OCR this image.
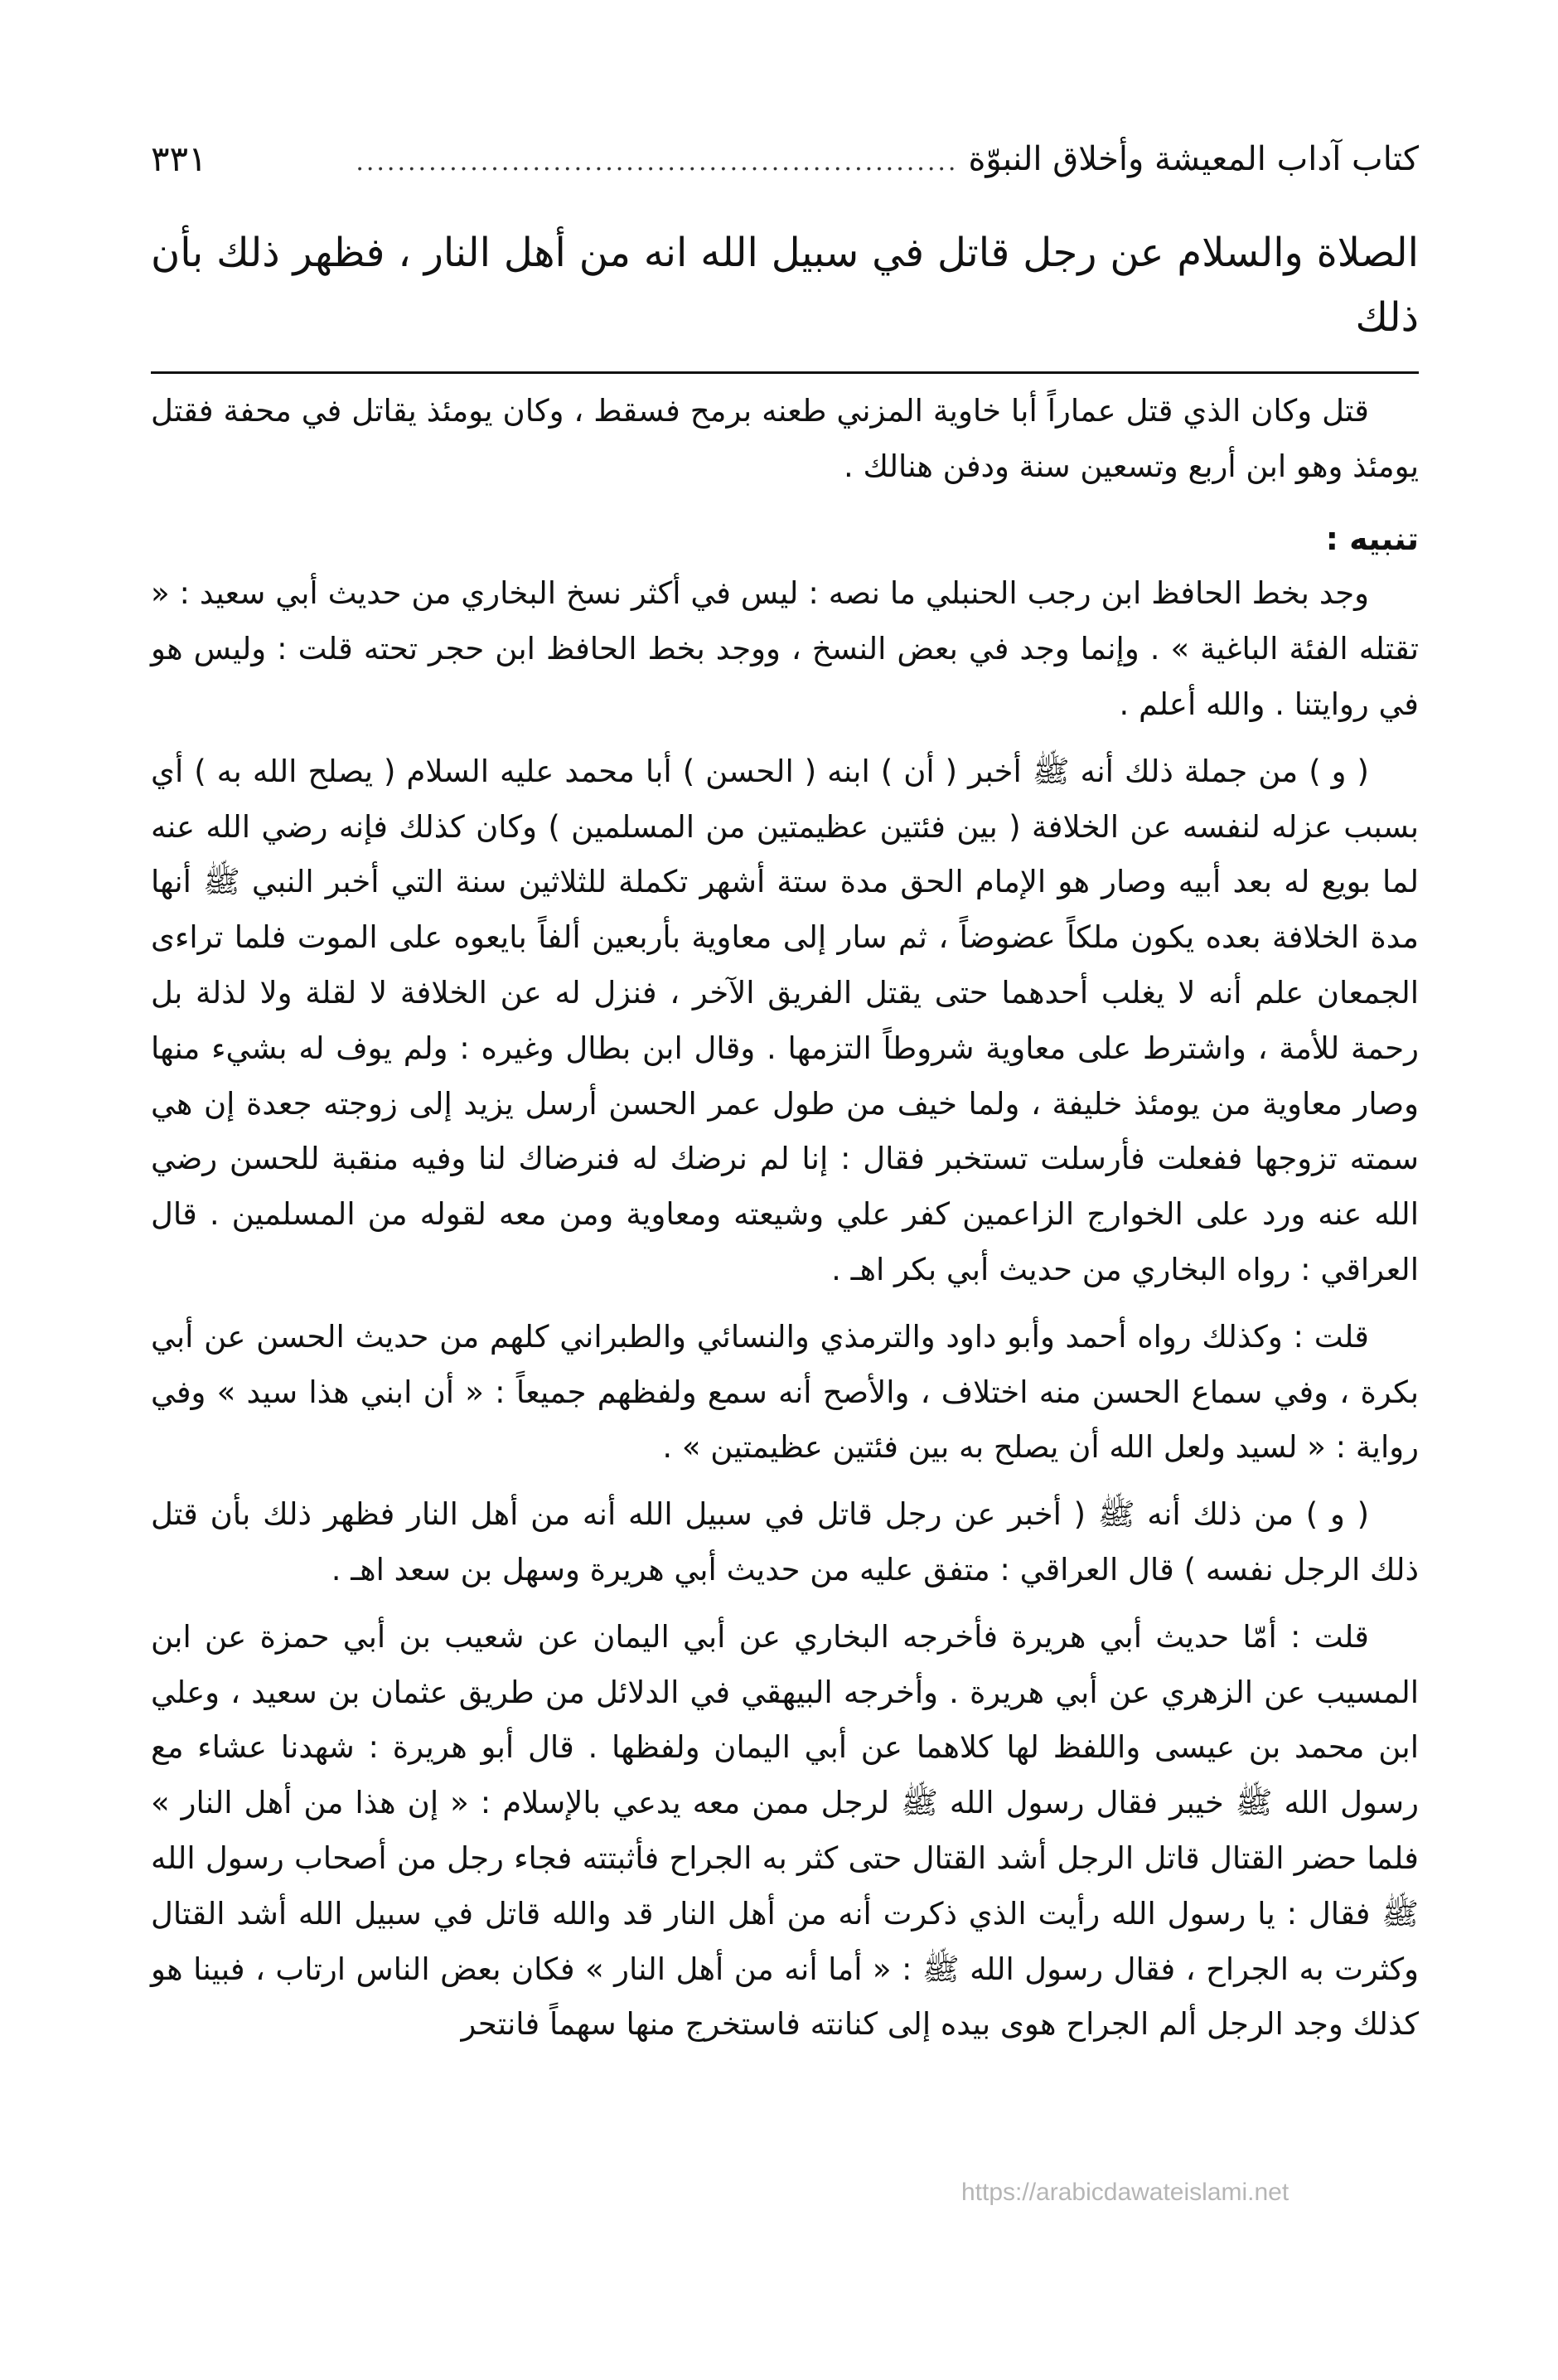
كتاب آداب المعيشة وأخلاق النبوّة
..........................................................
٣٣١
الصلاة والسلام عن رجل قاتل في سبيل الله انه من أهل النار ، فظهر ذلك بأن ذلك

قتل وكان الذي قتل عماراً أبا خاوية المزني طعنه برمح فسقط ، وكان يومئذ يقاتل في محفة فقتل يومئذ وهو ابن أربع وتسعين سنة ودفن هنالك .

تنبيه :

وجد بخط الحافظ ابن رجب الحنبلي ما نصه : ليس في أكثر نسخ البخاري من حديث أبي سعيد : « تقتله الفئة الباغية » . وإنما وجد في بعض النسخ ، ووجد بخط الحافظ ابن حجر تحته قلت : وليس هو في روايتنا . والله أعلم .

( و ) من جملة ذلك أنه ﷺ أخبر ( أن ) ابنه ( الحسن ) أبا محمد عليه السلام ( يصلح الله به ) أي بسبب عزله لنفسه عن الخلافة ( بين فئتين عظيمتين من المسلمين ) وكان كذلك فإنه رضي الله عنه لما بويع له بعد أبيه وصار هو الإمام الحق مدة ستة أشهر تكملة للثلاثين سنة التي أخبر النبي ﷺ أنها مدة الخلافة بعده يكون ملكاً عضوضاً ، ثم سار إلى معاوية بأربعين ألفاً بايعوه على الموت فلما تراءى الجمعان علم أنه لا يغلب أحدهما حتى يقتل الفريق الآخر ، فنزل له عن الخلافة لا لقلة ولا لذلة بل رحمة للأمة ، واشترط على معاوية شروطاً التزمها . وقال ابن بطال وغيره : ولم يوف له بشيء منها وصار معاوية من يومئذ خليفة ، ولما خيف من طول عمر الحسن أرسل يزيد إلى زوجته جعدة إن هي سمته تزوجها ففعلت فأرسلت تستخبر فقال : إنا لم نرضك له فنرضاك لنا وفيه منقبة للحسن رضي الله عنه ورد على الخوارج الزاعمين كفر علي وشيعته ومعاوية ومن معه لقوله من المسلمين . قال العراقي : رواه البخاري من حديث أبي بكر اهـ .

قلت : وكذلك رواه أحمد وأبو داود والترمذي والنسائي والطبراني كلهم من حديث الحسن عن أبي بكرة ، وفي سماع الحسن منه اختلاف ، والأصح أنه سمع ولفظهم جميعاً : « أن ابني هذا سيد » وفي رواية : « لسيد ولعل الله أن يصلح به بين فئتين عظيمتين » .

( و ) من ذلك أنه ﷺ ( أخبر عن رجل قاتل في سبيل الله أنه من أهل النار فظهر ذلك بأن قتل ذلك الرجل نفسه ) قال العراقي : متفق عليه من حديث أبي هريرة وسهل بن سعد اهـ .

قلت : أمّا حديث أبي هريرة فأخرجه البخاري عن أبي اليمان عن شعيب بن أبي حمزة عن ابن المسيب عن الزهري عن أبي هريرة . وأخرجه البيهقي في الدلائل من طريق عثمان بن سعيد ، وعلي ابن محمد بن عيسى واللفظ لها كلاهما عن أبي اليمان ولفظها . قال أبو هريرة : شهدنا عشاء مع رسول الله ﷺ خيبر فقال رسول الله ﷺ لرجل ممن معه يدعي بالإسلام : « إن هذا من أهل النار » فلما حضر القتال قاتل الرجل أشد القتال حتى كثر به الجراح فأثبتته فجاء رجل من أصحاب رسول الله ﷺ فقال : يا رسول الله رأيت الذي ذكرت أنه من أهل النار قد والله قاتل في سبيل الله أشد القتال وكثرت به الجراح ، فقال رسول الله ﷺ : « أما أنه من أهل النار » فكان بعض الناس ارتاب ، فبينا هو كذلك وجد الرجل ألم الجراح هوى بيده إلى كنانته فاستخرج منها سهماً فانتحر

https://arabicdawateislami.net
